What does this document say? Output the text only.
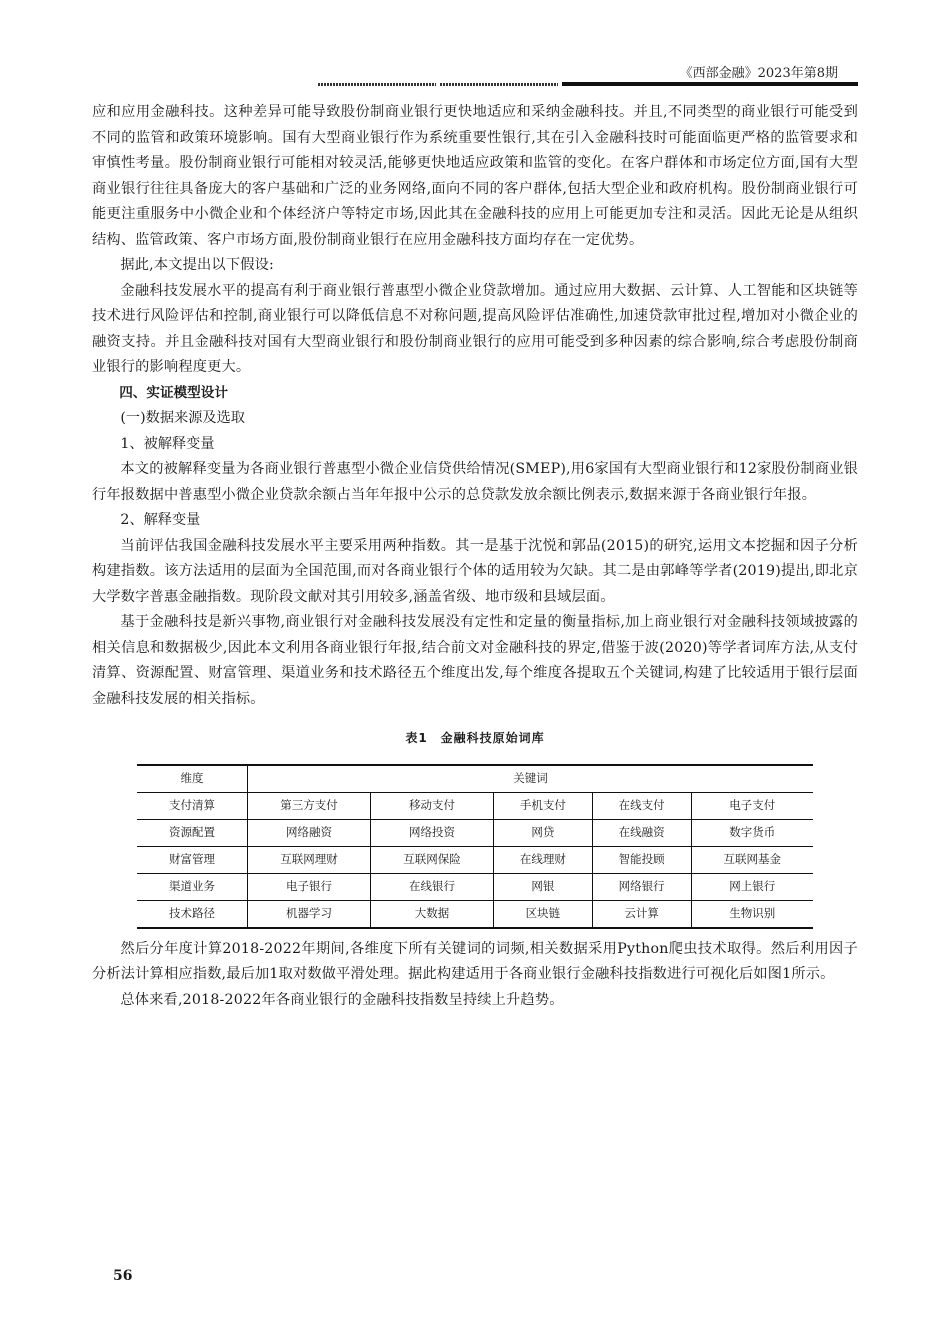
《西部金融》2023年第8期

应和应用金融科技。这种差异可能导致股份制商业银行更快地适应和采纳金融科技。并且,不同类型的商业银行可能受到不同的监管和政策环境影响。国有大型商业银行作为系统重要性银行,其在引入金融科技时可能面临更严格的监管要求和审慎性考量。股份制商业银行可能相对较灵活,能够更快地适应政策和监管的变化。在客户群体和市场定位方面,国有大型商业银行往往具备庞大的客户基础和广泛的业务网络,面向不同的客户群体,包括大型企业和政府机构。股份制商业银行可能更注重服务中小微企业和个体经济户等特定市场,因此其在金融科技的应用上可能更加专注和灵活。因此无论是从组织结构、监管政策、客户市场方面,股份制商业银行在应用金融科技方面均存在一定优势。

据此,本文提出以下假设:

金融科技发展水平的提高有利于商业银行普惠型小微企业贷款增加。通过应用大数据、云计算、人工智能和区块链等技术进行风险评估和控制,商业银行可以降低信息不对称问题,提高风险评估准确性,加速贷款审批过程,增加对小微企业的融资支持。并且金融科技对国有大型商业银行和股份制商业银行的应用可能受到多种因素的综合影响,综合考虑股份制商业银行的影响程度更大。

四、实证模型设计

(一)数据来源及选取

1、被解释变量

本文的被解释变量为各商业银行普惠型小微企业信贷供给情况(SMEP),用6家国有大型商业银行和12家股份制商业银行年报数据中普惠型小微企业贷款余额占当年年报中公示的总贷款发放余额比例表示,数据来源于各商业银行年报。

2、解释变量

当前评估我国金融科技发展水平主要采用两种指数。其一是基于沈悦和郭品(2015)的研究,运用文本挖掘和因子分析构建指数。该方法适用的层面为全国范围,而对各商业银行个体的适用较为欠缺。其二是由郭峰等学者(2019)提出,即北京大学数字普惠金融指数。现阶段文献对其引用较多,涵盖省级、地市级和县域层面。

基于金融科技是新兴事物,商业银行对金融科技发展没有定性和定量的衡量指标,加上商业银行对金融科技领域披露的相关信息和数据极少,因此本文利用各商业银行年报,结合前文对金融科技的界定,借鉴于波(2020)等学者词库方法,从支付清算、资源配置、财富管理、渠道业务和技术路径五个维度出发,每个维度各提取五个关键词,构建了比较适用于银行层面金融科技发展的相关指标。

表1　金融科技原始词库
维度	关键词				
支付清算	第三方支付	移动支付	手机支付	在线支付	电子支付
资源配置	网络融资	网络投资	网贷	在线融资	数字货币
财富管理	互联网理财	互联网保险	在线理财	智能投顾	互联网基金
渠道业务	电子银行	在线银行	网银	网络银行	网上银行
技术路径	机器学习	大数据	区块链	云计算	生物识别

然后分年度计算2018-2022年期间,各维度下所有关键词的词频,相关数据采用Python爬虫技术取得。然后利用因子分析法计算相应指数,最后加1取对数做平滑处理。据此构建适用于各商业银行金融科技指数进行可视化后如图1所示。

总体来看,2018-2022年各商业银行的金融科技指数呈持续上升趋势。

56
